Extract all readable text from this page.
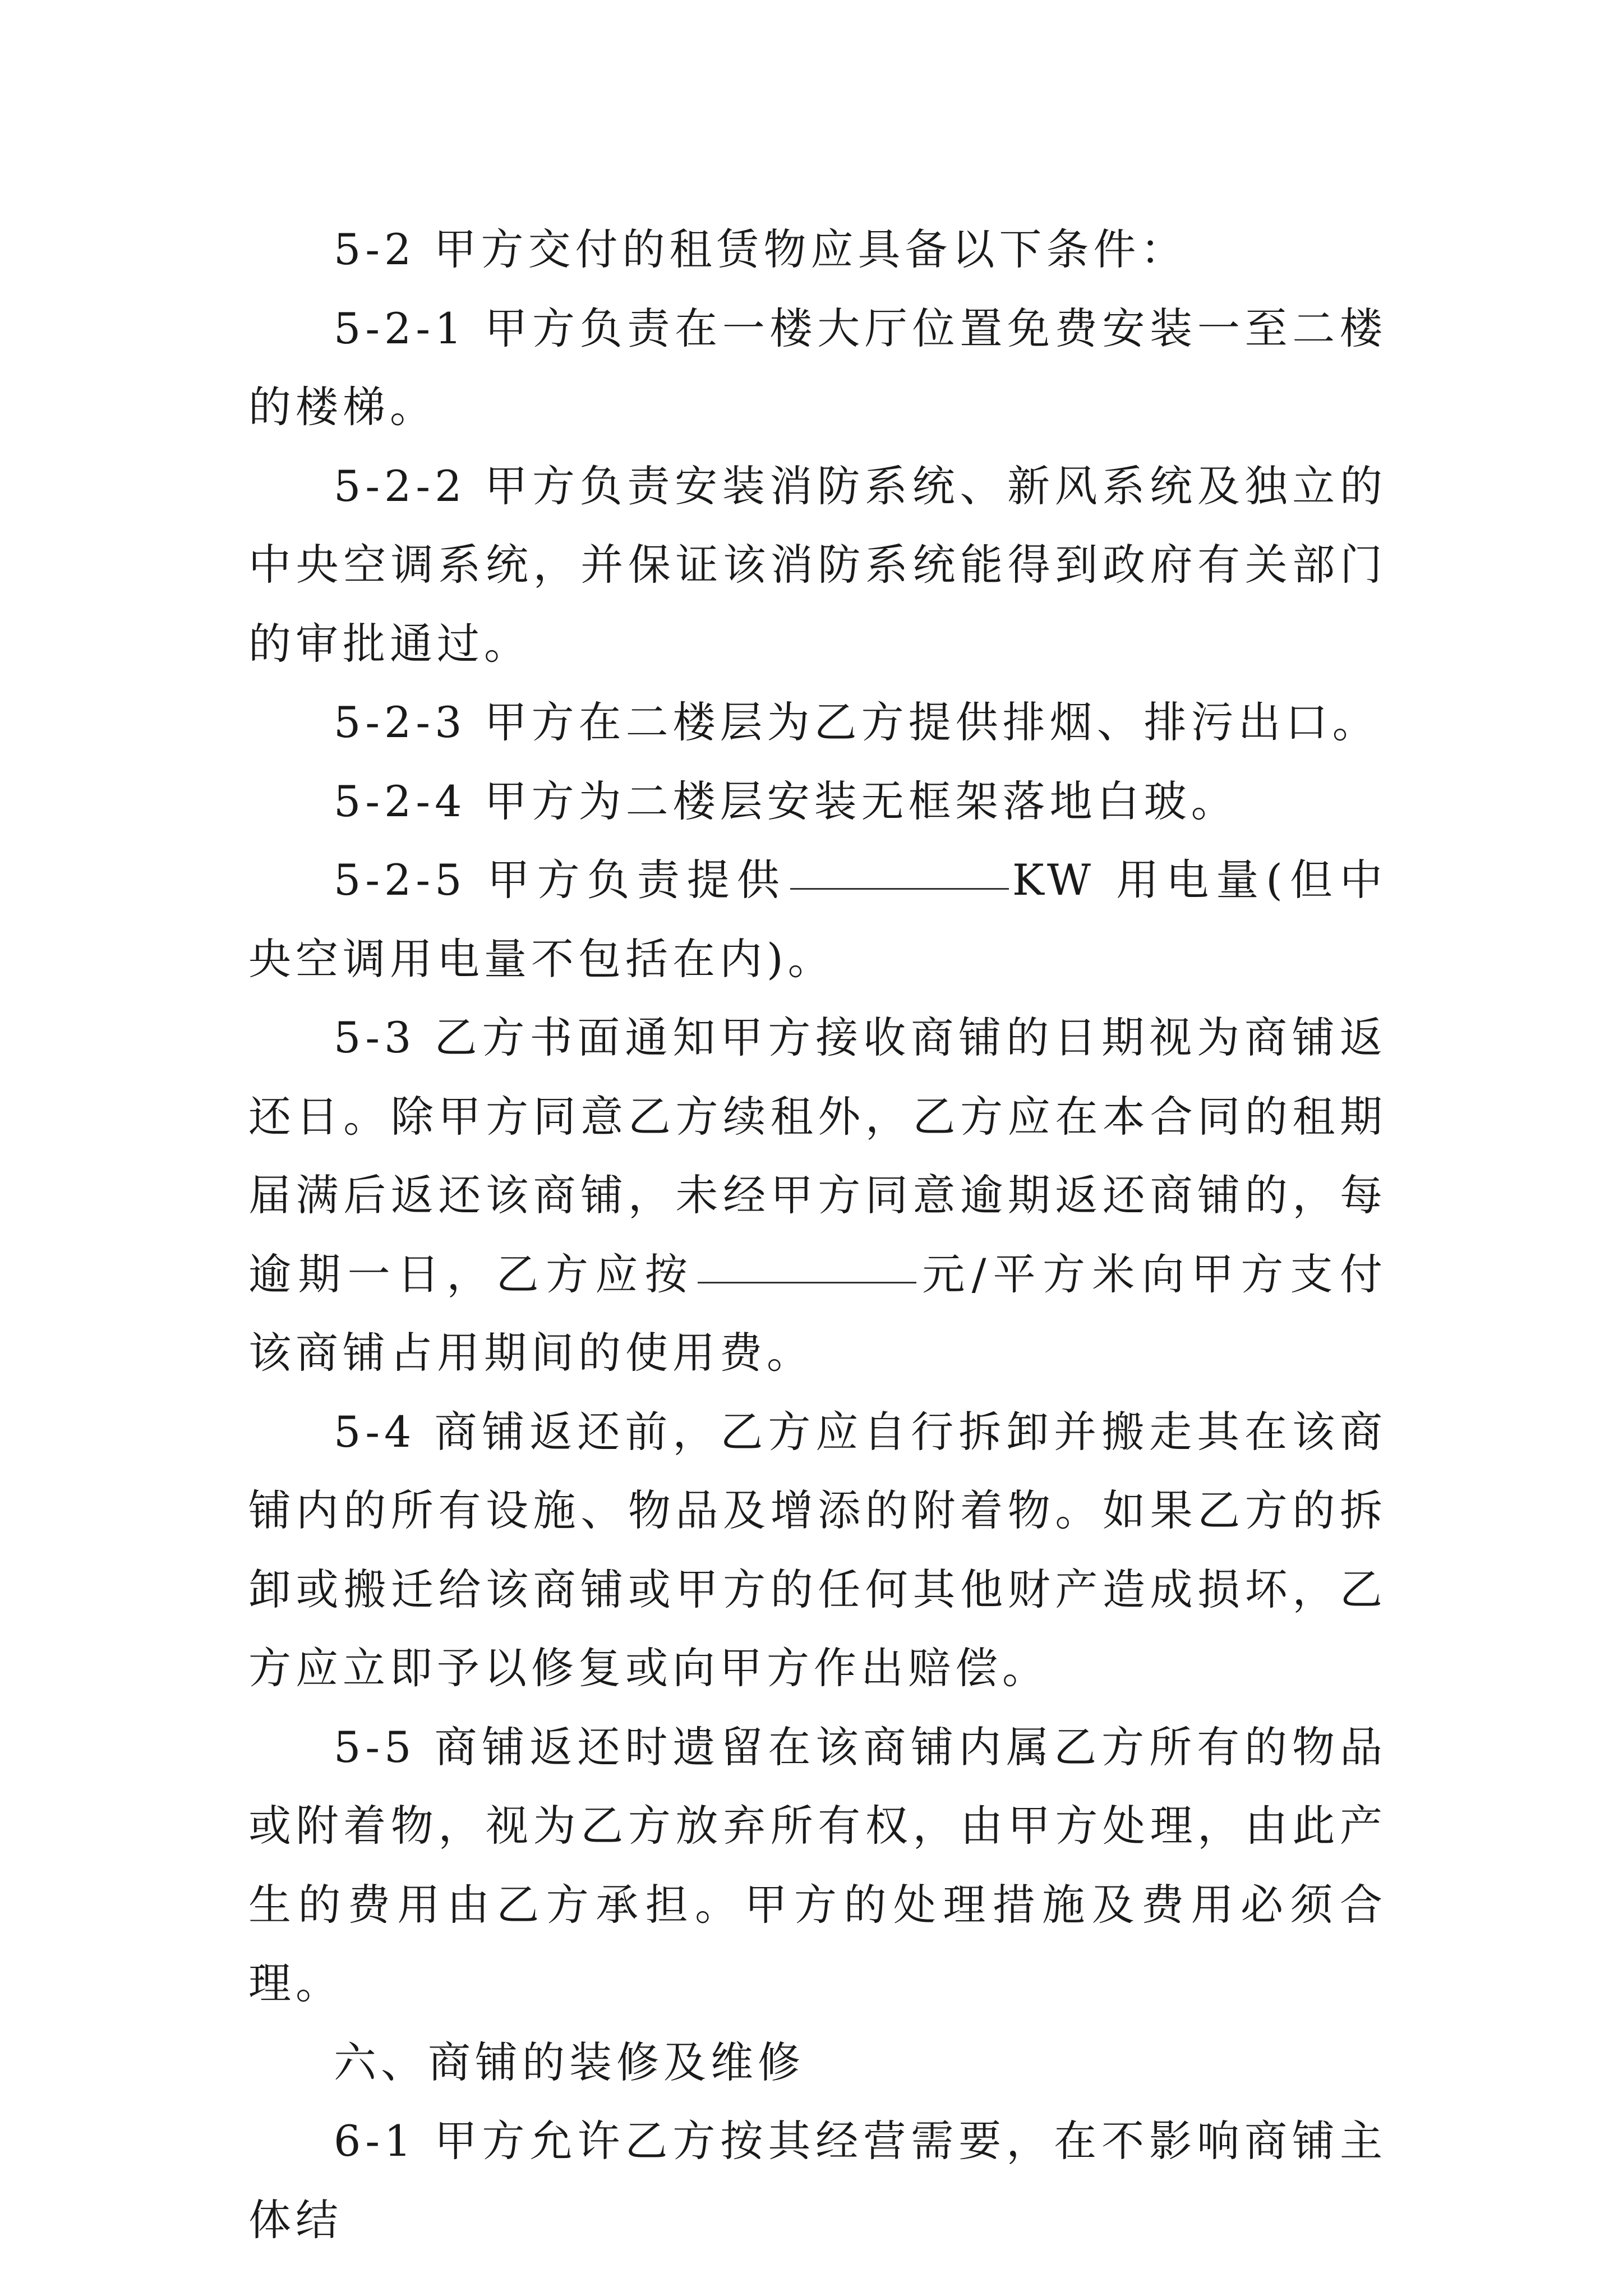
5-2 甲方交付的租赁物应具备以下条件：

5-2-1 甲方负责在一楼大厅位置免费安装一至二楼的楼梯。

5-2-2 甲方负责安装消防系统、新风系统及独立的中央空调系统，并保证该消防系统能得到政府有关部门的审批通过。

5-2-3 甲方在二楼层为乙方提供排烟、排污出口。

5-2-4 甲方为二楼层安装无框架落地白玻。

5-2-5 甲方负责提供	KW 用电量(但中央空调用电量不包括在内)。

5-3 乙方书面通知甲方接收商铺的日期视为商铺返还日。除甲方同意乙方续租外，乙方应在本合同的租期届满后返还该商铺，未经甲方同意逾期返还商铺的，每逾期一日，乙方应按	元/平方米向甲方支付该商铺占用期间的使用费。

5-4 商铺返还前，乙方应自行拆卸并搬走其在该商铺内的所有设施、物品及增添的附着物。如果乙方的拆卸或搬迁给该商铺或甲方的任何其他财产造成损坏，乙方应立即予以修复或向甲方作出赔偿。

5-5 商铺返还时遗留在该商铺内属乙方所有的物品或附着物，视为乙方放弃所有权，由甲方处理，由此产生的费用由乙方承担。甲方的处理措施及费用必须合理。

六、商铺的装修及维修

6-1 甲方允许乙方按其经营需要，在不影响商铺主体结
